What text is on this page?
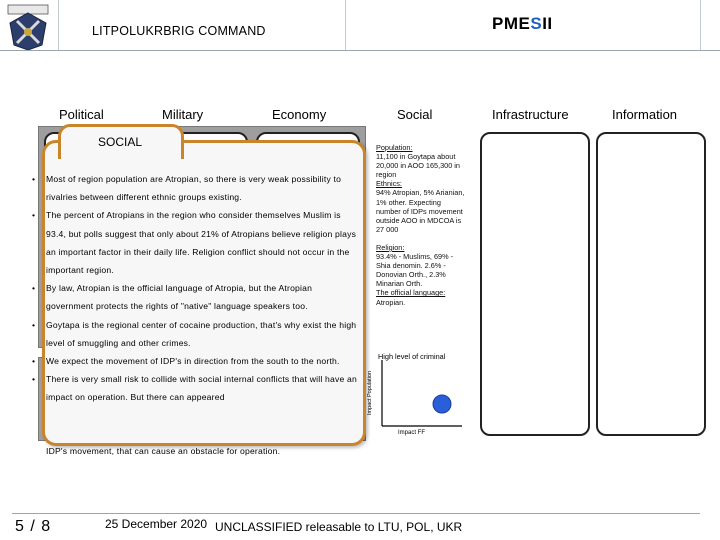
LITPOLUKRBRIG COMMAND	PMESII
Political	Military	Economy	Social	Infrastructure	Information
Population:
11,100 in Goytapa about 20,000 in AOO 165,300 in region
Ethnics:
94% Atropian, 5% Arianian, 1% other. Expecting number of IDPs movement outside AOO in MDCOA is 27 000
Religion:
93.4% - Muslims, 69% - Shia denomin. 2.6% - Donovian Orth., 2.3% Minarian Orth.
The official language:
Atropian.
High level of criminal
Impact Population
Impact FF
SOCIAL
• Most of region population are Atropian, so there is very weak possibility to rivalries between different ethnic groups existing.
• The percent of Atropians in the region who consider themselves Muslim is 93.4, but polls suggest that only about 21% of Atropians believe religion plays an important factor in their daily life. Religion conflict should not occur in the important region.
• By law, Atropian is the official language of Atropia, but the Atropian government protects the rights of "native" language speakers too.
• Goytapa is the regional center of cocaine production, that's why exist the high level of smuggling and other crimes.
• We expect the movement of IDP's in direction from the south to the north.
• There is very small risk to collide with social internal conflicts that will have an impact on operation. But there can appeared
IDP's movement, that can cause an obstacle for operation.
5 / 8	25 December 2020 UNCLASSIFIED releasable to LTU, POL, UKR
